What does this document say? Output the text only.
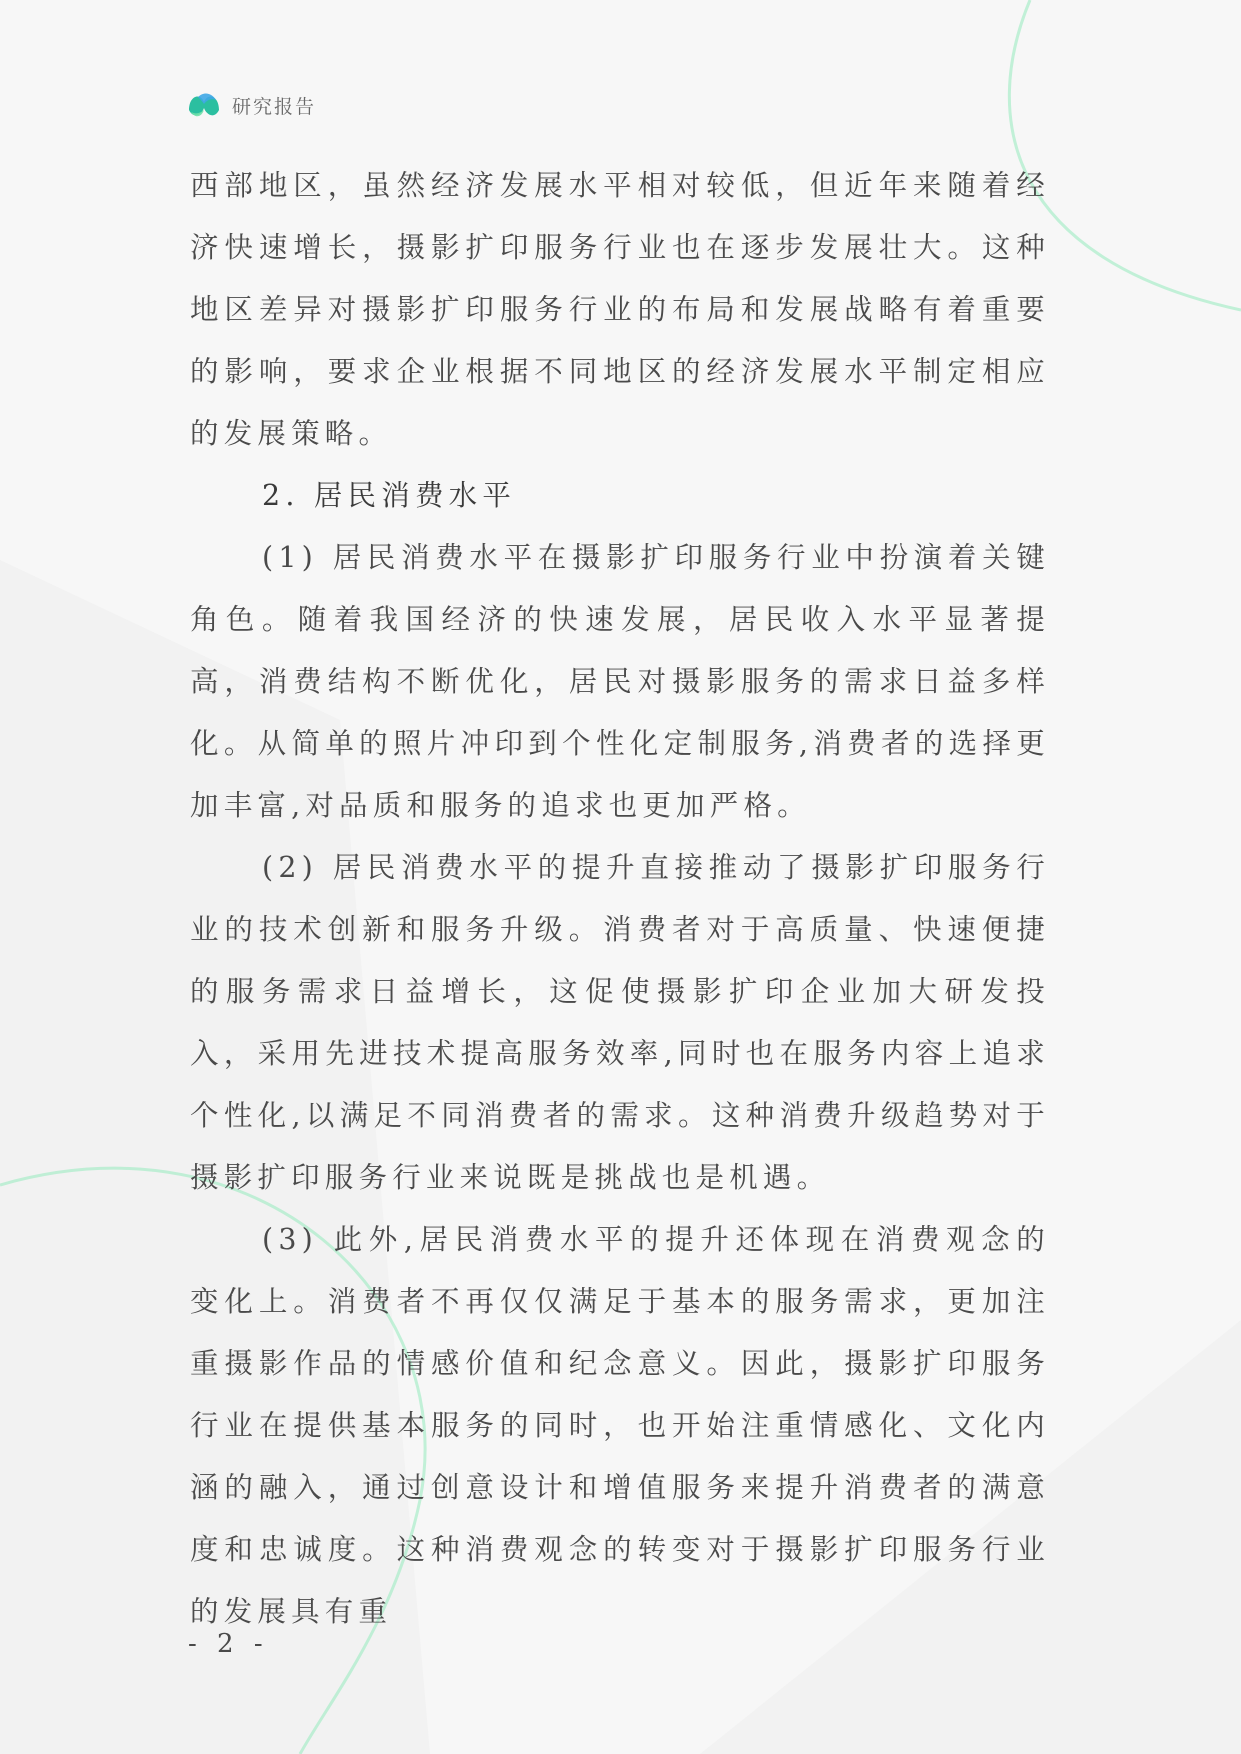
研究报告

西部地区，虽然经济发展水平相对较低，但近年来随着经济快速增长，摄影扩印服务行业也在逐步发展壮大。这种地区差异对摄影扩印服务行业的布局和发展战略有着重要的影响，要求企业根据不同地区的经济发展水平制定相应的发展策略。

2. 居民消费水平

(1) 居民消费水平在摄影扩印服务行业中扮演着关键角色。随着我国经济的快速发展，居民收入水平显著提高，消费结构不断优化，居民对摄影服务的需求日益多样化。从简单的照片冲印到个性化定制服务,消费者的选择更加丰富,对品质和服务的追求也更加严格。

(2) 居民消费水平的提升直接推动了摄影扩印服务行业的技术创新和服务升级。消费者对于高质量、快速便捷的服务需求日益增长，这促使摄影扩印企业加大研发投入，采用先进技术提高服务效率,同时也在服务内容上追求个性化,以满足不同消费者的需求。这种消费升级趋势对于摄影扩印服务行业来说既是挑战也是机遇。

(3) 此外,居民消费水平的提升还体现在消费观念的变化上。消费者不再仅仅满足于基本的服务需求，更加注重摄影作品的情感价值和纪念意义。因此，摄影扩印服务行业在提供基本服务的同时，也开始注重情感化、文化内涵的融入，通过创意设计和增值服务来提升消费者的满意度和忠诚度。这种消费观念的转变对于摄影扩印服务行业的发展具有重

- 2 -
